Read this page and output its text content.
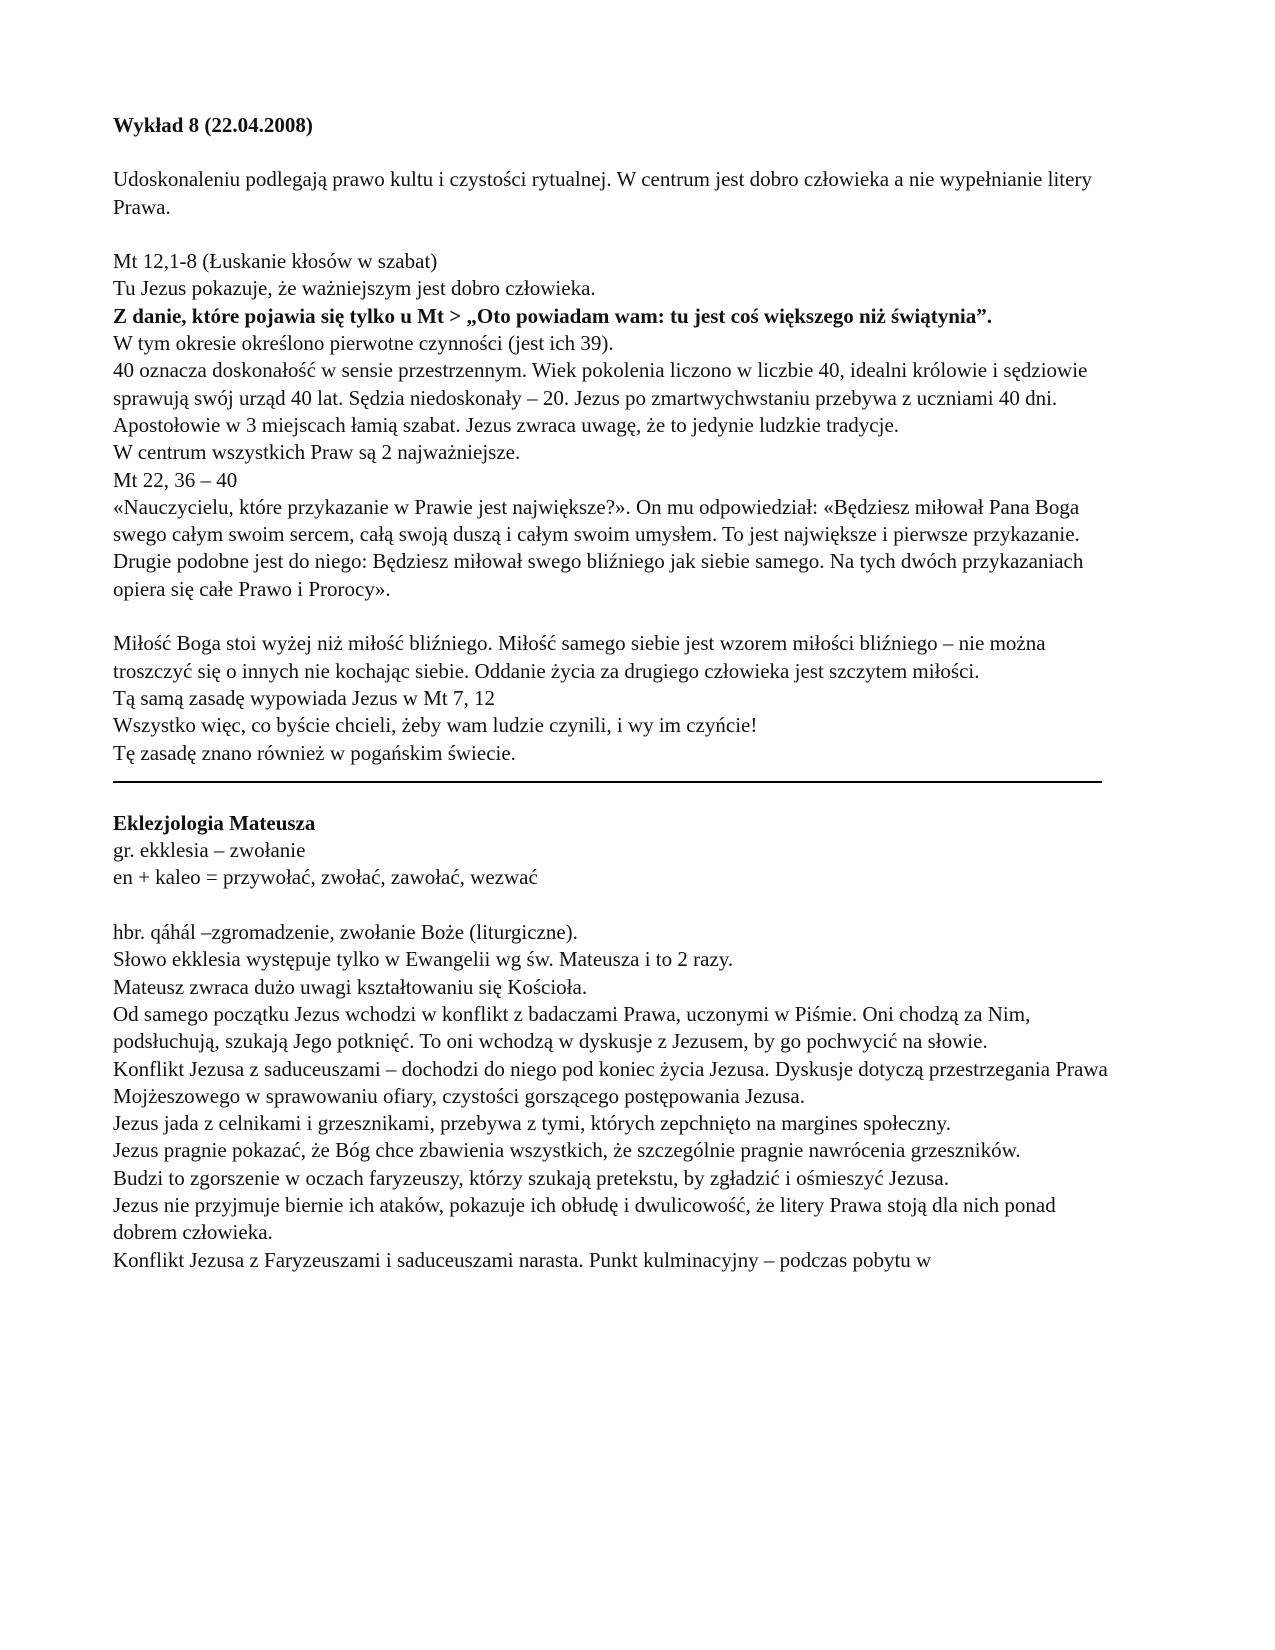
Wykład 8 (22.04.2008)

Udoskonaleniu podlegają prawo kultu i czystości rytualnej. W centrum jest dobro człowieka a nie wypełnianie litery Prawa.

Mt 12,1-8 (Łuskanie kłosów w szabat)

Tu Jezus pokazuje, że ważniejszym jest dobro człowieka.

Z danie, które pojawia się tylko u Mt > „Oto powiadam wam: tu jest coś większego niż świątynia”.

W tym okresie określono pierwotne czynności (jest ich 39).

40 oznacza doskonałość w sensie przestrzennym. Wiek pokolenia liczono w liczbie 40, idealni królowie i sędziowie sprawują swój urząd 40 lat. Sędzia niedoskonały – 20. Jezus po zmartwychwstaniu przebywa z uczniami 40 dni.

Apostołowie w 3 miejscach łamią szabat. Jezus zwraca uwagę, że to jedynie ludzkie tradycje.

W centrum wszystkich Praw są 2 najważniejsze.

Mt 22, 36 – 40

«Nauczycielu, które przykazanie w Prawie jest największe?». On mu odpowiedział: «Będziesz miłował Pana Boga swego całym swoim sercem, całą swoją duszą i całym swoim umysłem. To jest największe i pierwsze przykazanie. Drugie podobne jest do niego: Będziesz miłował swego bliźniego jak siebie samego. Na tych dwóch przykazaniach opiera się całe Prawo i Prorocy».

Miłość Boga stoi wyżej niż miłość bliźniego. Miłość samego siebie jest wzorem miłości bliźniego – nie można troszczyć się o innych nie kochając siebie. Oddanie życia za drugiego człowieka jest szczytem miłości.

Tą samą zasadę wypowiada Jezus w Mt 7, 12

Wszystko więc, co byście chcieli, żeby wam ludzie czynili, i wy im czyńcie!

Tę zasadę znano również w pogańskim świecie.

Eklezjologia Mateusza

gr. ekklesia – zwołanie

en + kaleo = przywołać, zwołać, zawołać, wezwać

hbr. qáhál –zgromadzenie, zwołanie Boże (liturgiczne).

Słowo ekklesia występuje tylko w Ewangelii wg św. Mateusza i to 2 razy.

Mateusz zwraca dużo uwagi kształtowaniu się Kościoła.

Od samego początku Jezus wchodzi w konflikt z badaczami Prawa, uczonymi w Piśmie. Oni chodzą za Nim, podsłuchują, szukają Jego potknięć. To oni wchodzą w dyskusje z Jezusem, by go pochwycić na słowie.

Konflikt Jezusa z saduceuszami – dochodzi do niego pod koniec życia Jezusa. Dyskusje dotyczą przestrzegania Prawa Mojżeszowego w sprawowaniu ofiary, czystości gorszącego postępowania Jezusa.

Jezus jada z celnikami i grzesznikami, przebywa z tymi, których zepchnięto na margines społeczny.

Jezus pragnie pokazać, że Bóg chce zbawienia wszystkich, że szczególnie pragnie nawrócenia grzeszników.

Budzi to zgorszenie w oczach faryzeuszy, którzy szukają pretekstu, by zgładzić i ośmieszyć Jezusa.

Jezus nie przyjmuje biernie ich ataków, pokazuje ich obłudę i dwulicowość, że litery Prawa stoją dla nich ponad dobrem człowieka.

Konflikt Jezusa z Faryzeuszami i saduceuszami narasta. Punkt kulminacyjny – podczas pobytu w
